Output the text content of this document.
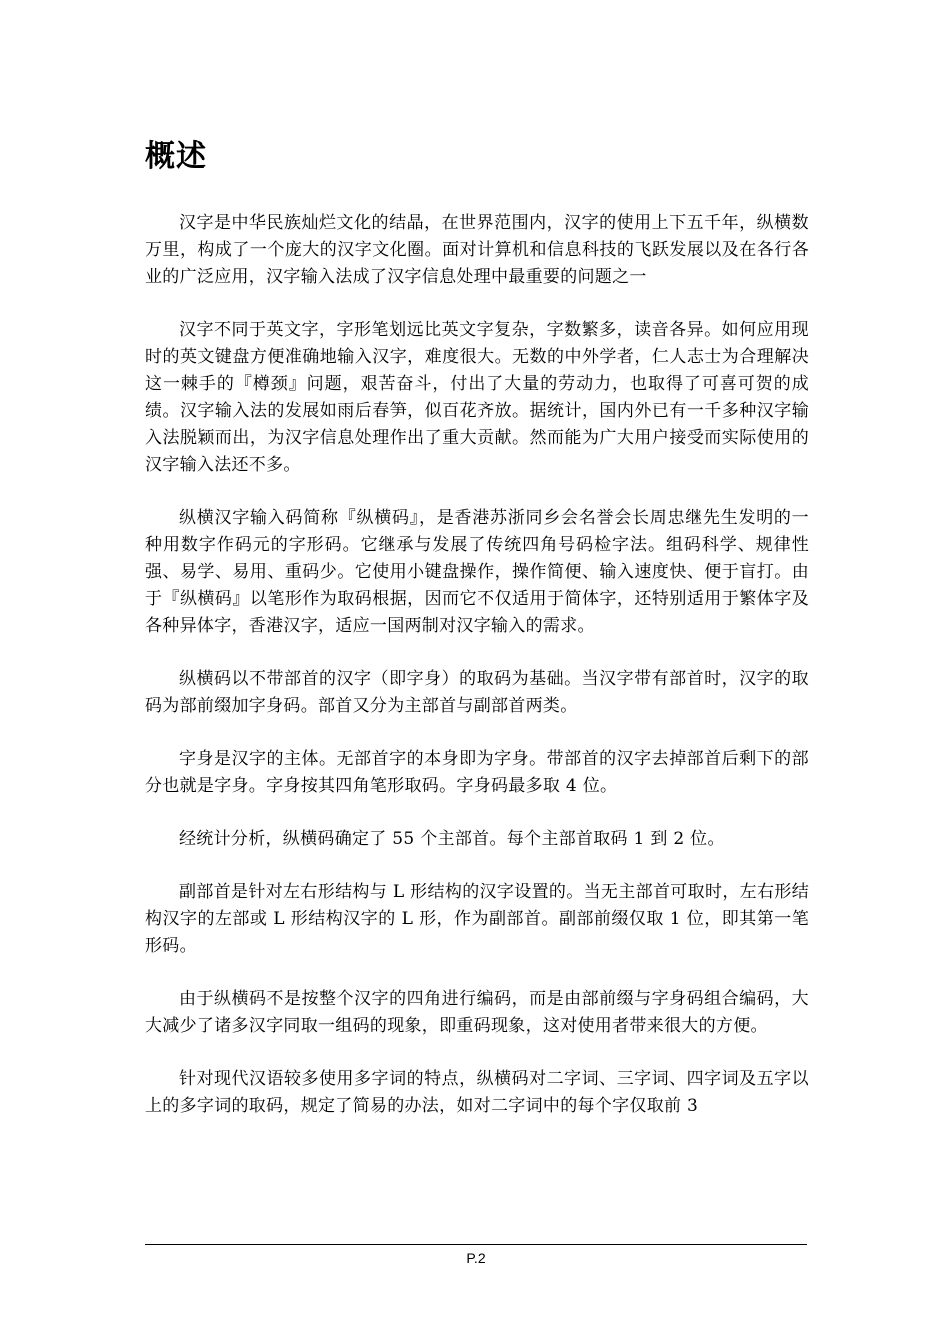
概述

汉字是中华民族灿烂文化的结晶，在世界范围内，汉字的使用上下五千年，纵横数万里，构成了一个庞大的汉字文化圈。面对计算机和信息科技的飞跃发展以及在各行各业的广泛应用，汉字输入法成了汉字信息处理中最重要的问题之一

汉字不同于英文字，字形笔划远比英文字复杂，字数繁多，读音各异。如何应用现时的英文键盘方便准确地输入汉字，难度很大。无数的中外学者，仁人志士为合理解决这一棘手的『樽颈』问题，艰苦奋斗，付出了大量的劳动力，也取得了可喜可贺的成绩。汉字输入法的发展如雨后春笋，似百花齐放。据统计，国内外已有一千多种汉字输入法脱颖而出，为汉字信息处理作出了重大贡献。然而能为广大用户接受而实际使用的汉字输入法还不多。

纵横汉字输入码简称『纵横码』，是香港苏浙同乡会名誉会长周忠继先生发明的一种用数字作码元的字形码。它继承与发展了传统四角号码检字法。组码科学、规律性强、易学、易用、重码少。它使用小键盘操作，操作简便、输入速度快、便于盲打。由于『纵横码』以笔形作为取码根据，因而它不仅适用于简体字，还特别适用于繁体字及各种异体字，香港汉字，适应一国两制对汉字输入的需求。

纵横码以不带部首的汉字（即字身）的取码为基础。当汉字带有部首时，汉字的取码为部前缀加字身码。部首又分为主部首与副部首两类。

字身是汉字的主体。无部首字的本身即为字身。带部首的汉字去掉部首后剩下的部分也就是字身。字身按其四角笔形取码。字身码最多取 4 位。

经统计分析，纵横码确定了 55 个主部首。每个主部首取码 1 到 2 位。

副部首是针对左右形结构与 L 形结构的汉字设置的。当无主部首可取时，左右形结构汉字的左部或 L 形结构汉字的 L 形，作为副部首。副部前缀仅取 1 位，即其第一笔形码。

由于纵横码不是按整个汉字的四角进行编码，而是由部前缀与字身码组合编码，大大减少了诸多汉字同取一组码的现象，即重码现象，这对使用者带来很大的方便。

针对现代汉语较多使用多字词的特点，纵横码对二字词、三字词、四字词及五字以上的多字词的取码，规定了简易的办法，如对二字词中的每个字仅取前 3

P.2
